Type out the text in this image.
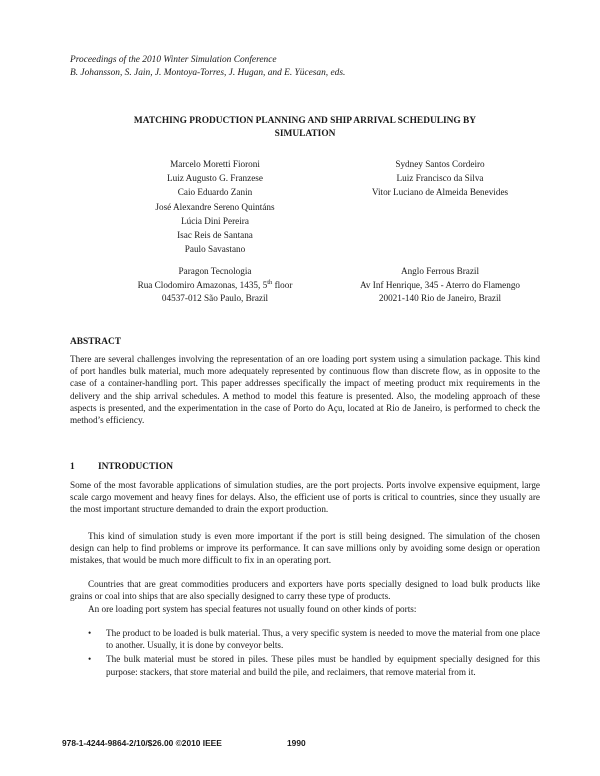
Proceedings of the 2010 Winter Simulation Conference
B. Johansson, S. Jain, J. Montoya-Torres, J. Hugan, and E. Yücesan, eds.
MATCHING PRODUCTION PLANNING AND SHIP ARRIVAL SCHEDULING BY
SIMULATION
Marcelo Moretti Fioroni
Luiz Augusto G. Franzese
Caio Eduardo Zanin
José Alexandre Sereno Quintáns
Lúcia Dini Pereira
Isac Reis de Santana
Paulo Savastano
Sydney Santos Cordeiro
Luiz Francisco da Silva
Vitor Luciano de Almeida Benevides
Paragon Tecnologia
Rua Clodomiro Amazonas, 1435, 5th floor
04537-012 São Paulo, Brazil
Anglo Ferrous Brazil
Av Inf Henrique, 345 - Aterro do Flamengo
20021-140 Rio de Janeiro, Brazil
ABSTRACT
There are several challenges involving the representation of an ore loading port system using a simulation package. This kind of port handles bulk material, much more adequately represented by continuous flow than discrete flow, as in opposite to the case of a container-handling port. This paper addresses specifically the impact of meeting product mix requirements in the delivery and the ship arrival schedules. A method to model this feature is presented. Also, the modeling approach of these aspects is presented, and the experimentation in the case of Porto do Açu, located at Rio de Janeiro, is performed to check the method’s efficiency.
1 INTRODUCTION
Some of the most favorable applications of simulation studies, are the port projects. Ports involve expensive equipment, large scale cargo movement and heavy fines for delays. Also, the efficient use of ports is critical to countries, since they usually are the most important structure demanded to drain the export production.
This kind of simulation study is even more important if the port is still being designed. The simulation of the chosen design can help to find problems or improve its performance. It can save millions only by avoiding some design or operation mistakes, that would be much more difficult to fix in an operating port.
Countries that are great commodities producers and exporters have ports specially designed to load bulk products like grains or coal into ships that are also specially designed to carry these type of products.
An ore loading port system has special features not usually found on other kinds of ports:
• The product to be loaded is bulk material. Thus, a very specific system is needed to move the material from one place to another. Usually, it is done by conveyor belts.
• The bulk material must be stored in piles. These piles must be handled by equipment specially designed for this purpose: stackers, that store material and build the pile, and reclaimers, that remove material from it.
978-1-4244-9864-2/10/$26.00 ©2010 IEEE	1990
